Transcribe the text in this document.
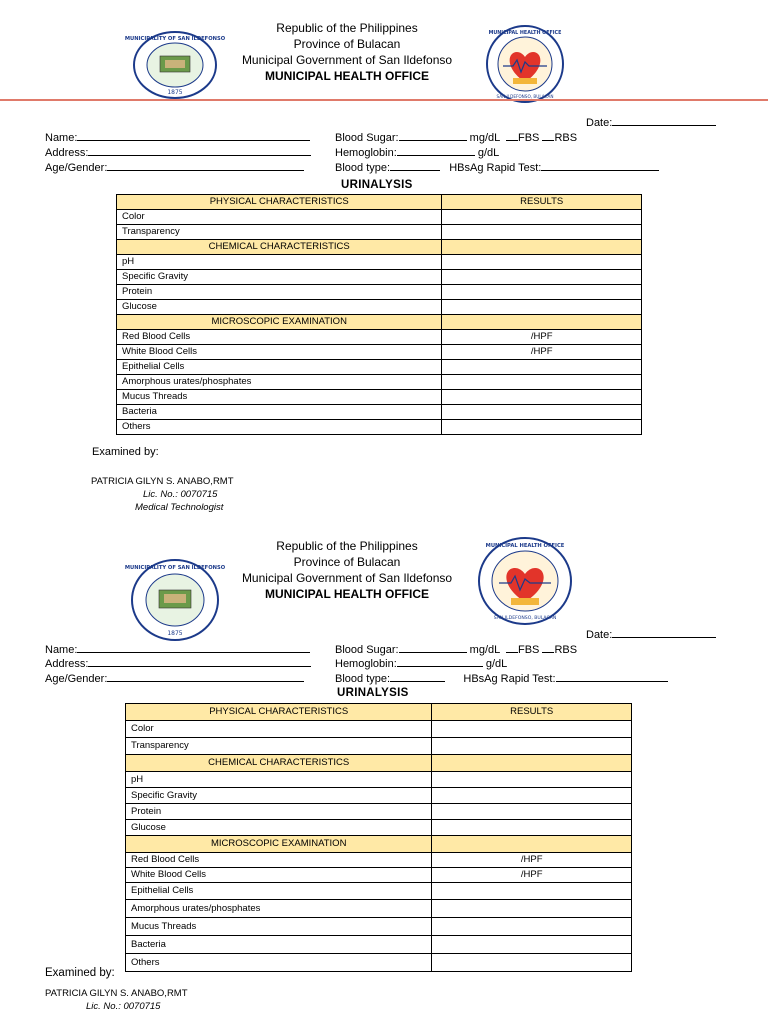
1875
MUNICIPALITY OF SAN ILDEFONSO
MUNICIPAL HEALTH OFFICE
SAN ILDEFONSO, BULACAN
Republic of the Philippines
Province of Bulacan
Municipal Government of San Ildefonso
MUNICIPAL HEALTH OFFICE
Date:
Name:
Address:
Age/Gender:
Blood Sugar:	mg/dL FBS RBS
Hemoglobin:	g/dL
Blood type:	HBsAg Rapid Test:
URINALYSIS
PHYSICAL CHARACTERISTICS	RESULTS
Color	
Transparency	
CHEMICAL CHARACTERISTICS	
pH	
Specific Gravity	
Protein	
Glucose	
MICROSCOPIC EXAMINATION	
Red Blood Cells	/HPF
White Blood Cells	/HPF
Epithelial Cells	
Amorphous urates/phosphates	
Mucus Threads	
Bacteria	
Others	
Examined by:
PATRICIA GILYN S. ANABO,RMT
Lic. No.: 0070715
Medical Technologist
1875
MUNICIPALITY OF SAN ILDEFONSO
MUNICIPAL HEALTH OFFICE
SAN ILDEFONSO, BULACAN
Republic of the Philippines
Province of Bulacan
Municipal Government of San Ildefonso
MUNICIPAL HEALTH OFFICE
Date:
Name:
Address:
Age/Gender:
Blood Sugar:	mg/dL FBS RBS
Hemoglobin:	g/dL
Blood type:	HBsAg Rapid Test:
URINALYSIS
PHYSICAL CHARACTERISTICS	RESULTS
Color	
Transparency	
CHEMICAL CHARACTERISTICS	
pH	
Specific Gravity	
Protein	
Glucose	
MICROSCOPIC EXAMINATION	
Red Blood Cells	/HPF
White Blood Cells	/HPF
Epithelial Cells	
Amorphous urates/phosphates	
Mucus Threads	
Bacteria	
Others	
Examined by:
PATRICIA GILYN S. ANABO,RMT
Lic. No.: 0070715
